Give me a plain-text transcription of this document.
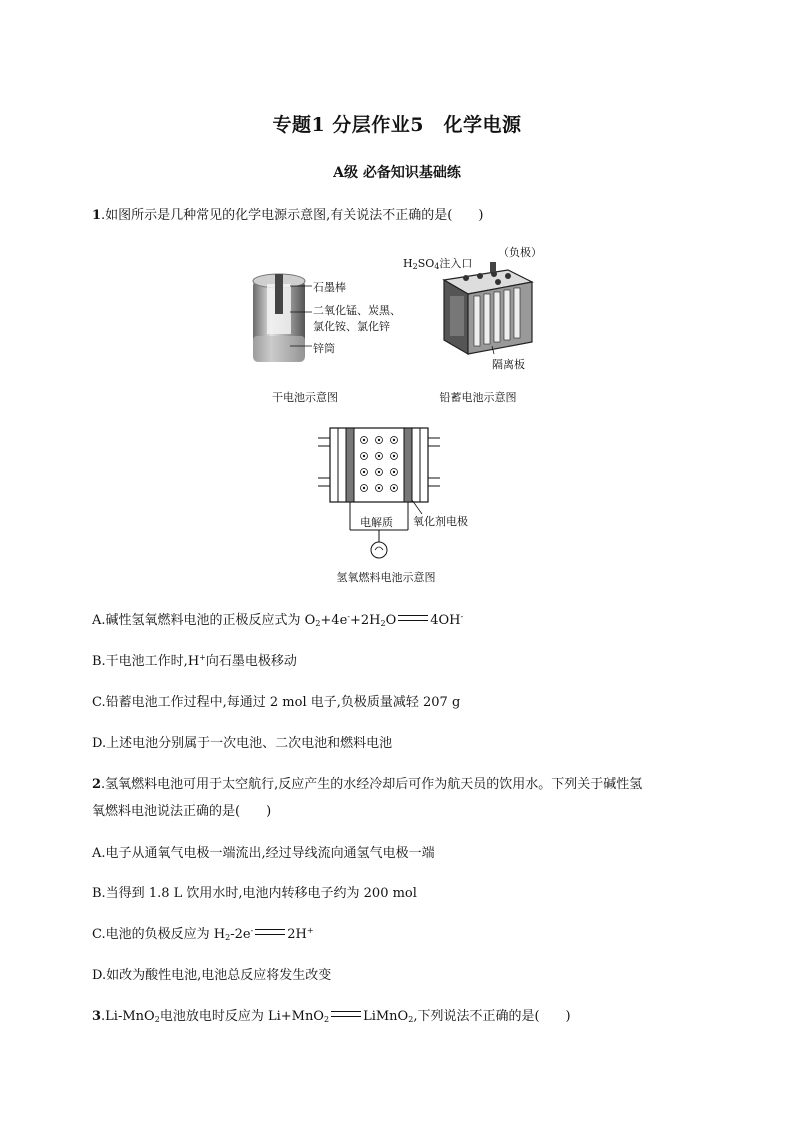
专题1 分层作业5　化学电源
A级 必备知识基础练
1.如图所示是几种常见的化学电源示意图,有关说法不正确的是(　　)
石墨棒
二氧化锰、炭黑、
氯化铵、氯化锌
锌筒
干电池示意图
$H_2SO_4$注入口
（负极）
隔离板
铅蓄电池示意图
电解质 氧化剂电极
氢氧燃料电池示意图
A.碱性氢氧燃料电池的正极反应式为 $O_2+4e^-+2H_2O$	4OH-
B.干电池工作时,H+向石墨电极移动
C.铅蓄电池工作过程中,每通过 2 mol 电子,负极质量减轻 207 g
D.上述电池分别属于一次电池、二次电池和燃料电池
2.氢氧燃料电池可用于太空航行,反应产生的水经冷却后可作为航天员的饮用水。下列关于碱性氢
氧燃料电池说法正确的是(　　)
A.电子从通氧气电极一端流出,经过导线流向通氢气电极一端
B.当得到 1.8 L 饮用水时,电池内转移电子约为 200 mol
C.电池的负极反应为 $H_2-2e^-$	2H+
D.如改为酸性电池,电池总反应将发生改变
3.Li-MnO$_2$电池放电时反应为 Li+MnO$_2$	LiMnO$_2$,下列说法不正确的是(　　)
